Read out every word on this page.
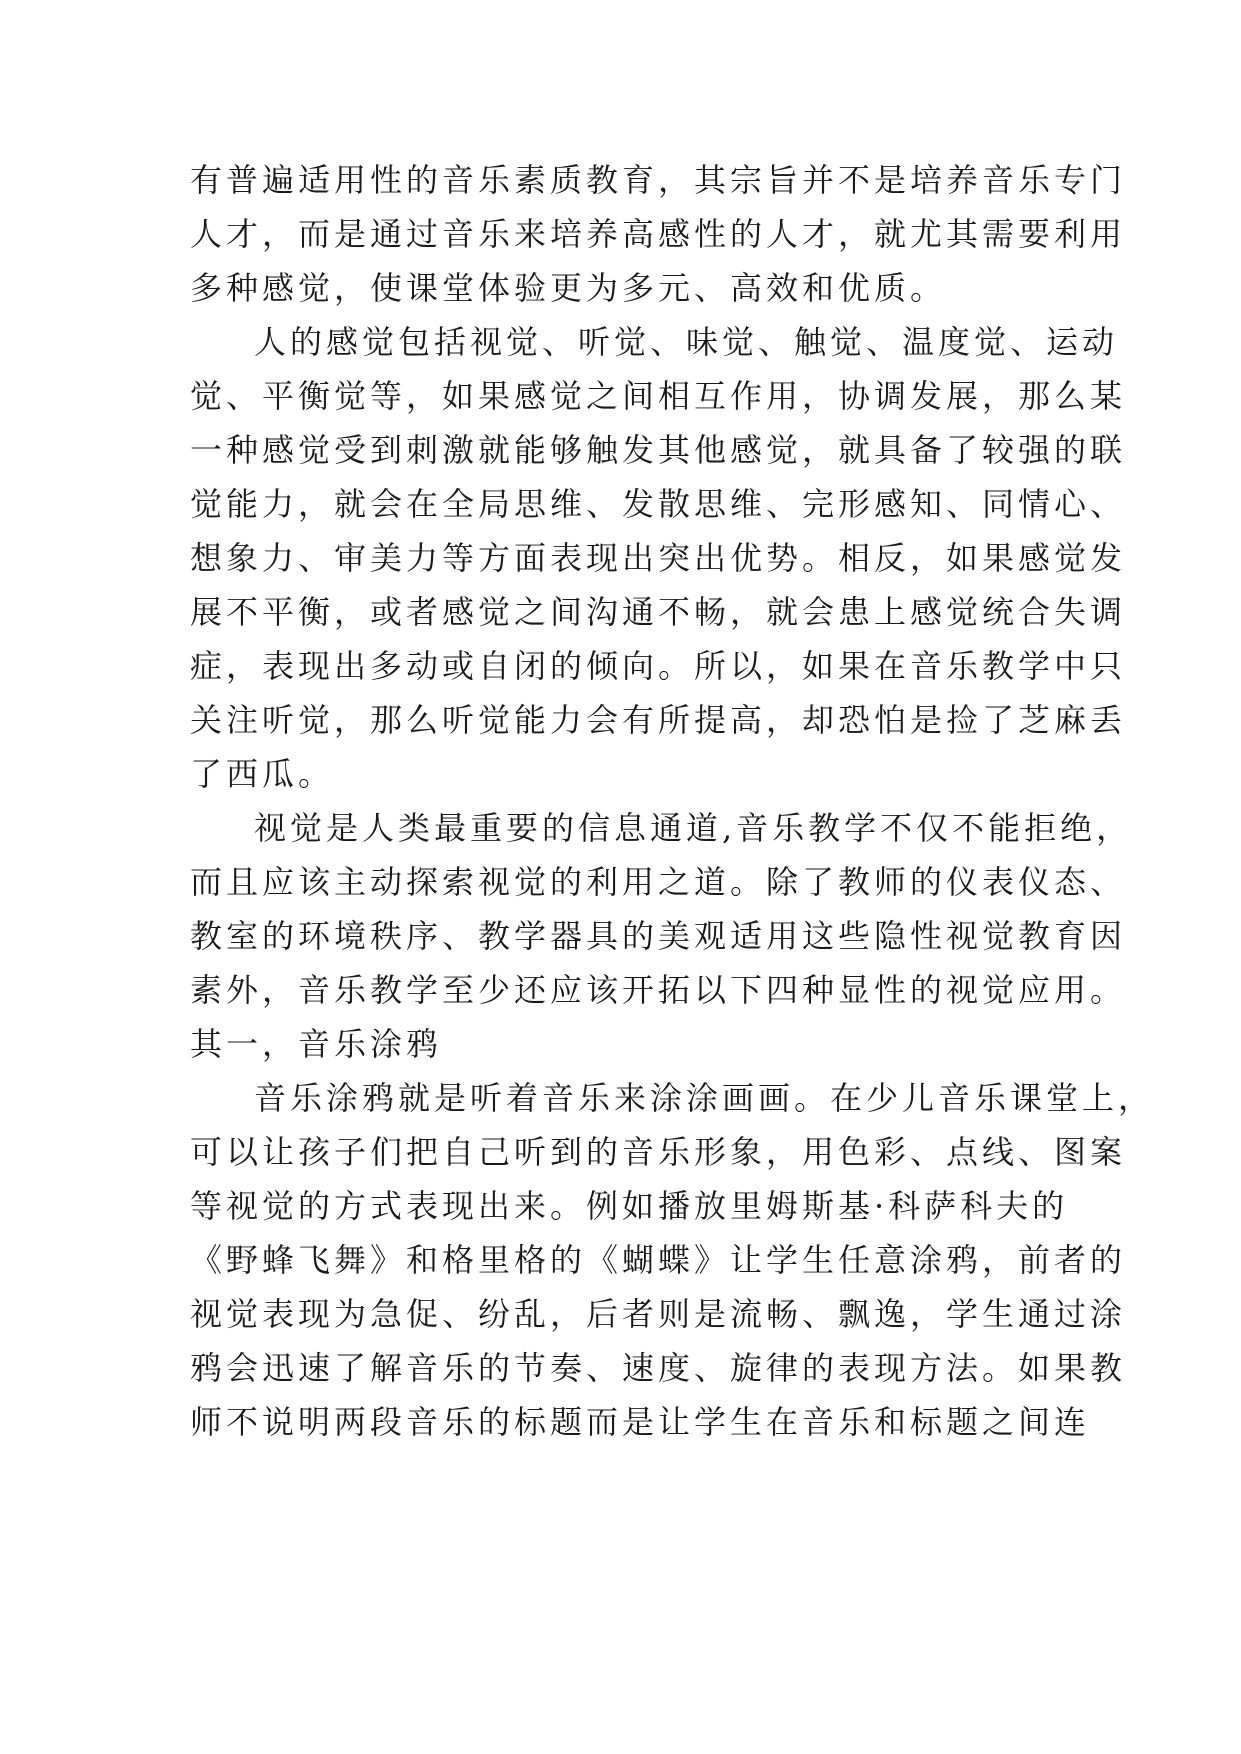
有普遍适用性的音乐素质教育，其宗旨并不是培养音乐专门
人才，而是通过音乐来培养高感性的人才，就尤其需要利用
多种感觉，使课堂体验更为多元、高效和优质。
人的感觉包括视觉、听觉、味觉、触觉、温度觉、运动
觉、平衡觉等，如果感觉之间相互作用，协调发展，那么某
一种感觉受到刺激就能够触发其他感觉，就具备了较强的联
觉能力，就会在全局思维、发散思维、完形感知、同情心、
想象力、审美力等方面表现出突出优势。相反，如果感觉发
展不平衡，或者感觉之间沟通不畅，就会患上感觉统合失调
症，表现出多动或自闭的倾向。所以，如果在音乐教学中只
关注听觉，那么听觉能力会有所提高，却恐怕是捡了芝麻丢
了西瓜。
视觉是人类最重要的信息通道,音乐教学不仅不能拒绝，
而且应该主动探索视觉的利用之道。除了教师的仪表仪态、
教室的环境秩序、教学器具的美观适用这些隐性视觉教育因
素外，音乐教学至少还应该开拓以下四种显性的视觉应用。
其一，音乐涂鸦
音乐涂鸦就是听着音乐来涂涂画画。在少儿音乐课堂上，
可以让孩子们把自己听到的音乐形象，用色彩、点线、图案
等视觉的方式表现出来。例如播放里姆斯基·科萨科夫的
《野蜂飞舞》和格里格的《蝴蝶》让学生任意涂鸦，前者的
视觉表现为急促、纷乱，后者则是流畅、飘逸，学生通过涂
鸦会迅速了解音乐的节奏、速度、旋律的表现方法。如果教
师不说明两段音乐的标题而是让学生在音乐和标题之间连
